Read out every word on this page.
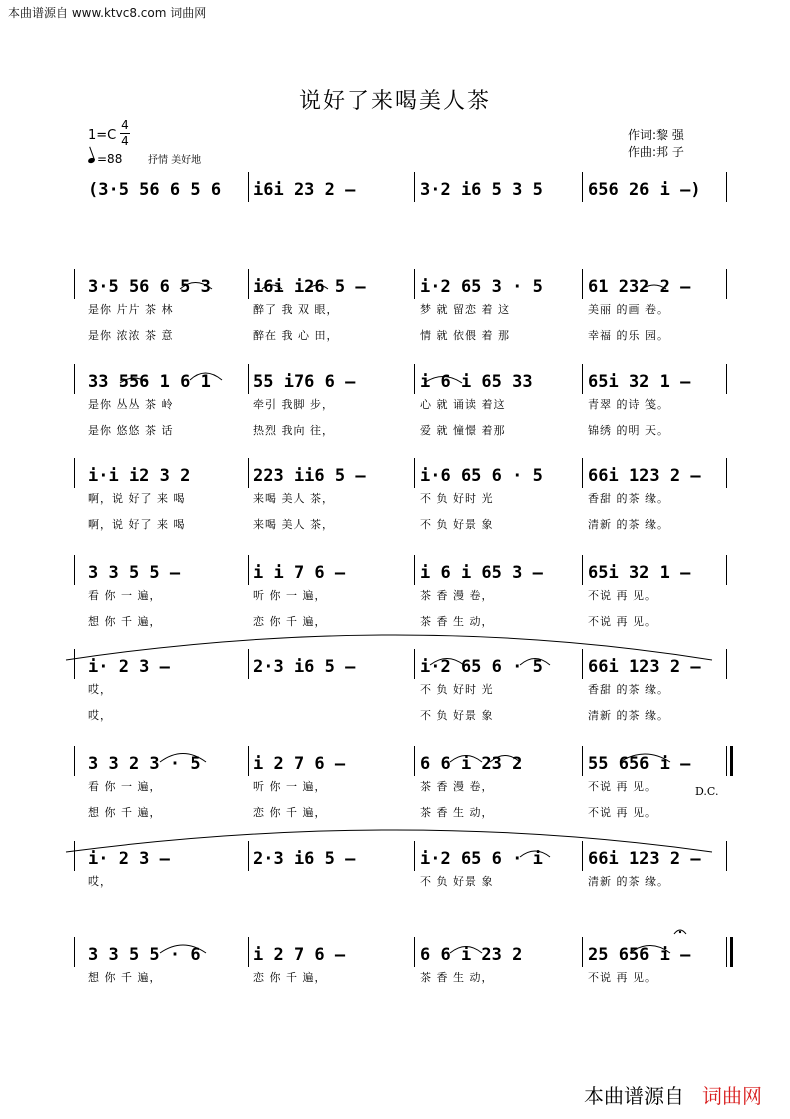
本曲谱源自 www.ktvc8.com 词曲网
说好了来喝美人茶
1=C
4
4
=88	抒情 美好地
作词:黎 强
作曲:邦 子
(3·5 56 6 5 6 i6i 23 2 –	3·2 i6 5 3 5	656 26 i –)
3·5 56 6 5 3
是你 片片 茶 林
是你 浓浓 茶 意
i6i i26 5 –
醉了 我 双 眼，
醉在 我 心 田，
i·2 65 3 · 5
梦 就 留恋 着 这
情 就 依偎 着 那
61 232 2 –
美丽 的画 卷。
幸福 的乐 园。
33 556 1 6 1
是你 丛丛 茶 岭
是你 悠悠 茶 话
55 i76 6 –
牵引 我脚 步，
热烈 我向 往，
i 6 i 65 33
心 就 诵读 着这
爱 就 憧憬 着那
65i 32 1 –
青翠 的诗 笺。
锦绣 的明 天。
i·i i2 3 2
啊，说 好了 来 喝
啊，说 好了 来 喝
223 ii6 5 –
来喝 美人 茶，
来喝 美人 茶，
i·6 65 6 · 5
不 负 好时 光
不 负 好景 象
66i 123 2 –
香甜 的茶 缘。
清新 的茶 缘。
3 3 5 5 –
看 你 一 遍，
想 你 千 遍，
i i 7 6 –
听 你 一 遍，
恋 你 千 遍，
i 6 i 65 3 –
茶 香 漫 卷，
茶 香 生 动，
65i 32 1 –
不说 再 见。
不说 再 见。
i· 2 3 –
哎，
哎，
2·3 i6 5 –	i·2 65 6 · 5
不 负 好时 光
不 负 好景 象
66i 123 2 –
香甜 的茶 缘。
清新 的茶 缘。
3 3 2 3 · 5
看 你 一 遍，
想 你 千 遍，
i 2 7 6 –
听 你 一 遍，
恋 你 千 遍，
6 6 i 23 2
茶 香 漫 卷，
茶 香 生 动，
55 656 i –
不说 再 见。
不说 再 见。
i· 2 3 –
哎，
2·3 i6 5 –	i·2 65 6 · i
不 负 好景 象
66i 123 2 –
清新 的茶 缘。
3 3 5 5 · 6
想 你 千 遍，
i 2 7 6 –
恋 你 千 遍，
6 6 i 23 2
茶 香 生 动，
25 656 i –
不说 再 见。
D.C.
本曲谱源自 词曲网
